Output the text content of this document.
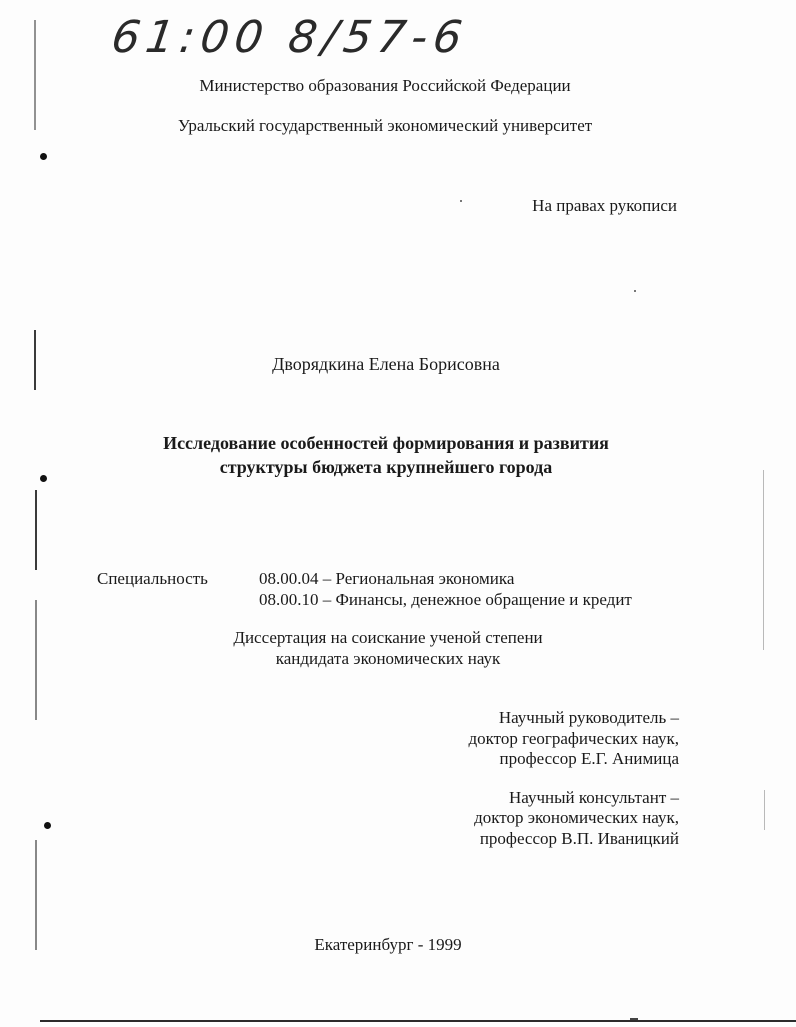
61:00 8/57-6
Министерство образования Российской Федерации
Уральский государственный экономический университет
На правах рукописи
Дворядкина Елена Борисовна
Исследование особенностей формирования и развития
структуры бюджета крупнейшего города
Специальность	08.00.04 – Региональная экономика
08.00.10 – Финансы, денежное обращение и кредит
Диссертация на соискание ученой степени
кандидата экономических наук
Научный руководитель –
доктор географических наук,
профессор Е.Г. Анимица
Научный консультант –
доктор экономических наук,
профессор В.П. Иваницкий
Екатеринбург - 1999
